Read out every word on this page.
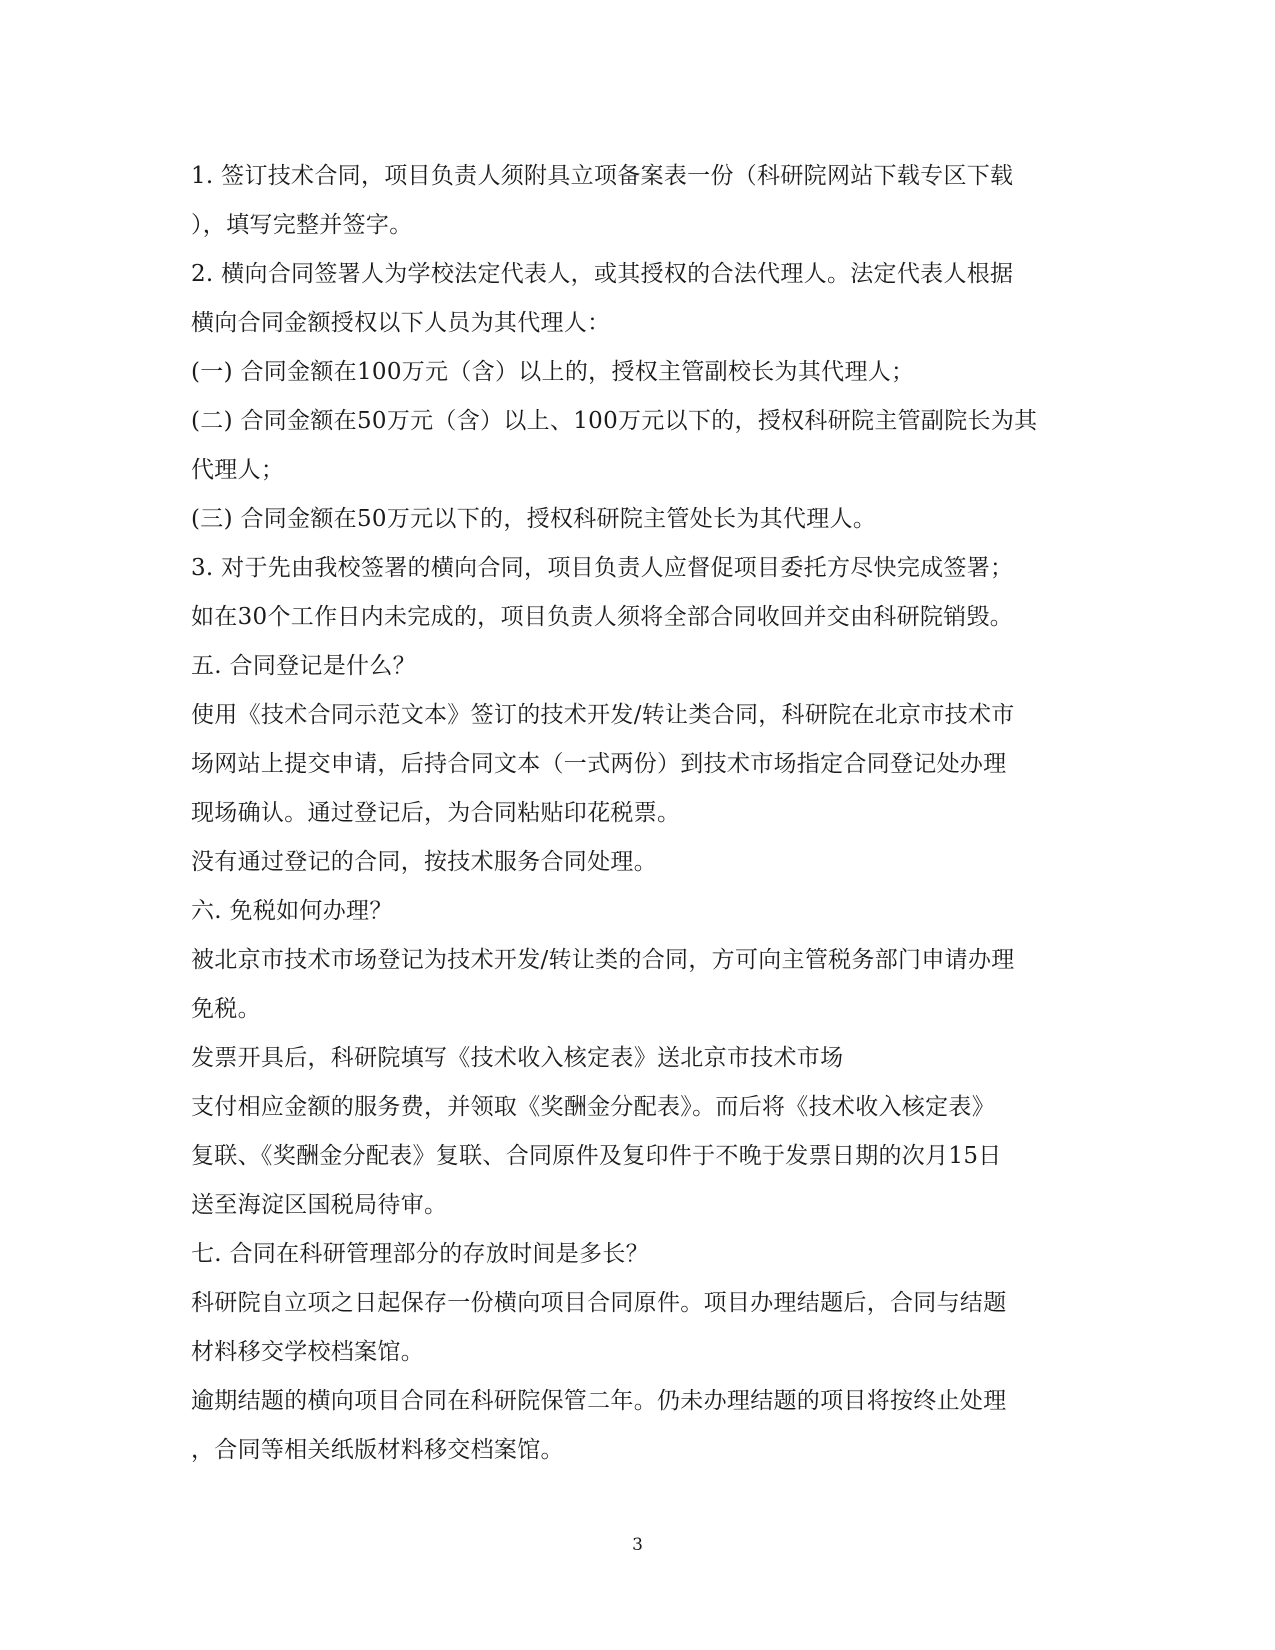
1. 签订技术合同，项目负责人须附具立项备案表一份（科研院网站下载专区下载
），填写完整并签字。
2. 横向合同签署人为学校法定代表人，或其授权的合法代理人。法定代表人根据
横向合同金额授权以下人员为其代理人：
(一) 合同金额在100万元（含）以上的，授权主管副校长为其代理人；
(二) 合同金额在50万元（含）以上、100万元以下的，授权科研院主管副院长为其
代理人；
(三) 合同金额在50万元以下的，授权科研院主管处长为其代理人。
3. 对于先由我校签署的横向合同，项目负责人应督促项目委托方尽快完成签署；
如在30个工作日内未完成的，项目负责人须将全部合同收回并交由科研院销毁。
五. 合同登记是什么？
使用《技术合同示范文本》签订的技术开发/转让类合同，科研院在北京市技术市
场网站上提交申请，后持合同文本（一式两份）到技术市场指定合同登记处办理
现场确认。通过登记后，为合同粘贴印花税票。
没有通过登记的合同，按技术服务合同处理。
六. 免税如何办理？
被北京市技术市场登记为技术开发/转让类的合同，方可向主管税务部门申请办理
免税。
发票开具后，科研院填写《技术收入核定表》送北京市技术市场
支付相应金额的服务费，并领取《奖酬金分配表》。而后将《技术收入核定表》
复联、《奖酬金分配表》复联、合同原件及复印件于不晚于发票日期的次月15日
送至海淀区国税局待审。
七. 合同在科研管理部分的存放时间是多长？
科研院自立项之日起保存一份横向项目合同原件。项目办理结题后，合同与结题
材料移交学校档案馆。
逾期结题的横向项目合同在科研院保管二年。仍未办理结题的项目将按终止处理
，合同等相关纸版材料移交档案馆。
3
